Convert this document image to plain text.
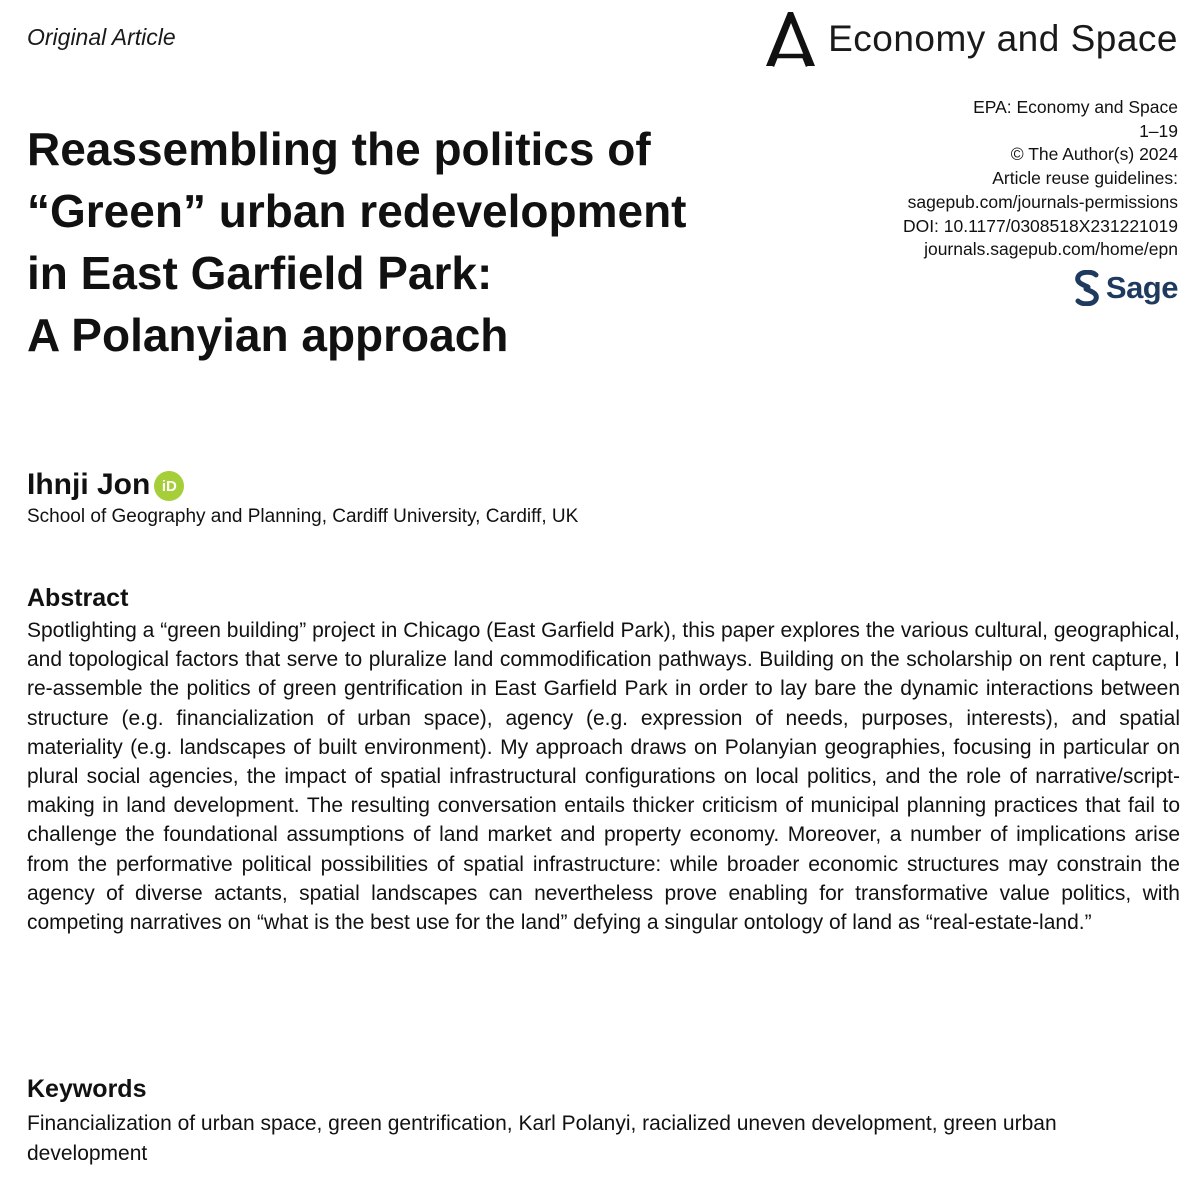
Original Article	Economy and Space
EPA: Economy and Space
1–19
© The Author(s) 2024
Article reuse guidelines:
sagepub.com/journals-permissions
DOI: 10.1177/0308518X231221019
journals.sagepub.com/home/epn
Sage
Reassembling the politics of
“Green” urban redevelopment
in East Garfield Park:
A Polanyian approach
Ihnji Jon iD
School of Geography and Planning, Cardiff University, Cardiff, UK
Abstract

Spotlighting a “green building” project in Chicago (East Garfield Park), this paper explores the various cultural, geographical, and topological factors that serve to pluralize land commodification pathways. Building on the scholarship on rent capture, I re-assemble the politics of green gentrification in East Garfield Park in order to lay bare the dynamic interactions between structure (e.g. financialization of urban space), agency (e.g. expression of needs, purposes, interests), and spatial materiality (e.g. landscapes of built environment). My approach draws on Polanyian geographies, focusing in particular on plural social agencies, the impact of spatial infrastructural configurations on local politics, and the role of narrative/script-making in land development. The resulting conversation entails thicker criticism of municipal planning practices that fail to challenge the foundational assumptions of land market and property economy. Moreover, a number of implications arise from the performative political possibilities of spatial infrastructure: while broader economic structures may constrain the agency of diverse actants, spatial landscapes can nevertheless prove enabling for transformative value politics, with competing narratives on “what is the best use for the land” defying a singular ontology of land as “real-estate-land.”

Keywords

Financialization of urban space, green gentrification, Karl Polanyi, racialized uneven development, green urban development
